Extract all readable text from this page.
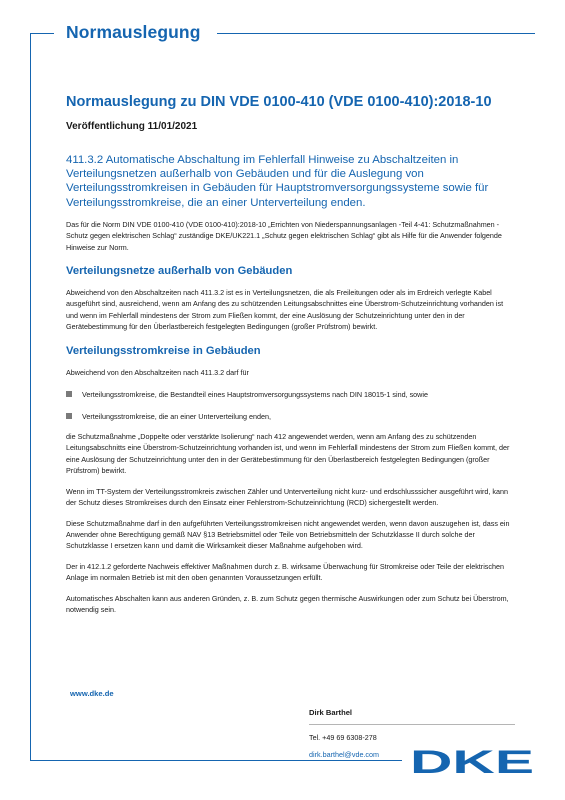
Normauslegung
Normauslegung zu DIN VDE 0100-410 (VDE 0100-410):2018-10

Veröffentlichung 11/01/2021

411.3.2 Automatische Abschaltung im Fehlerfall Hinweise zu Abschaltzeiten in Verteilungsnetzen außerhalb von Gebäuden und für die Auslegung von Verteilungsstromkreisen in Gebäuden für Hauptstromversorgungssysteme sowie für Verteilungsstromkreise, die an einer Unterverteilung enden.

Das für die Norm DIN VDE 0100-410 (VDE 0100-410):2018-10 „Errichten von Niederspannungsanlagen -Teil 4-41: Schutzmaßnahmen - Schutz gegen elektrischen Schlag“ zuständige DKE/UK221.1 „Schutz gegen elektrischen Schlag“ gibt als Hilfe für die Anwender folgende Hinweise zur Norm.

Verteilungsnetze außerhalb von Gebäuden

Abweichend von den Abschaltzeiten nach 411.3.2 ist es in Verteilungsnetzen, die als Freileitungen oder als im Erdreich verlegte Kabel ausgeführt sind, ausreichend, wenn am Anfang des zu schützenden Leitungsabschnittes eine Überstrom-Schutzeinrichtung vorhanden ist und wenn im Fehlerfall mindestens der Strom zum Fließen kommt, der eine Auslösung der Schutzeinrichtung unter den in der Gerätebestimmung für den Überlastbereich festgelegten Bedingungen (großer Prüfstrom) bewirkt.

Verteilungsstromkreise in Gebäuden

Abweichend von den Abschaltzeiten nach 411.3.2 darf für

Verteilungsstromkreise, die Bestandteil eines Hauptstromversorgungssystems nach DIN 18015-1 sind, sowie
Verteilungsstromkreise, die an einer Unterverteilung enden,

die Schutzmaßnahme „Doppelte oder verstärkte Isolierung“ nach 412 angewendet werden, wenn am Anfang des zu schützenden Leitungsabschnitts eine Überstrom-Schutzeinrichtung vorhanden ist, und wenn im Fehlerfall mindestens der Strom zum Fließen kommt, der eine Auslösung der Schutzeinrichtung unter den in der Gerätebestimmung für den Überlastbereich festgelegten Bedingungen (großer Prüfstrom) bewirkt.

Wenn im TT-System der Verteilungsstromkreis zwischen Zähler und Unterverteilung nicht kurz- und erdschlusssicher ausgeführt wird, kann der Schutz dieses Stromkreises durch den Einsatz einer Fehlerstrom-Schutzeinrichtung (RCD) sichergestellt werden.

Diese Schutzmaßnahme darf in den aufgeführten Verteilungsstromkreisen nicht angewendet werden, wenn davon auszugehen ist, dass ein Anwender ohne Berechtigung gemäß NAV §13 Betriebsmittel oder Teile von Betriebsmitteln der Schutzklasse II durch solche der Schutzklasse I ersetzen kann und damit die Wirksamkeit dieser Maßnahme aufgehoben wird.

Der in 412.1.2 geforderte Nachweis effektiver Maßnahmen durch z. B. wirksame Überwachung für Stromkreise oder Teile der elektrischen Anlage im normalen Betrieb ist mit den oben genannten Voraussetzungen erfüllt.

Automatisches Abschalten kann aus anderen Gründen, z. B. zum Schutz gegen thermische Auswirkungen oder zum Schutz bei Überstrom, notwendig sein.

www.dke.de
Dirk Barthel
Tel. +49 69 6308-278
dirk.barthel@vde.com DKE
